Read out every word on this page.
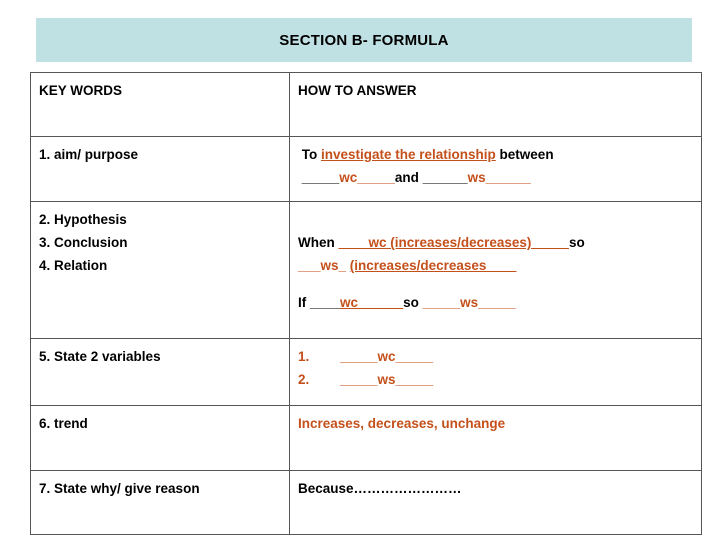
SECTION B- FORMULA
KEY WORDS	HOW TO ANSWER
1. aim/ purpose	To investigate the relationship between
_____wc_____and ______ws______

2. Hypothesis
3. Conclusion
4. Relation	When ____wc (increases/decreases)_____so
___ws_ (increases/decreases____
If ____wc______so _____ws_____

5. State 2 variables	1. _____wc_____
2. _____ws_____

6. trend	Increases, decreases, unchange
7. State why/ give reason	Because……………………
